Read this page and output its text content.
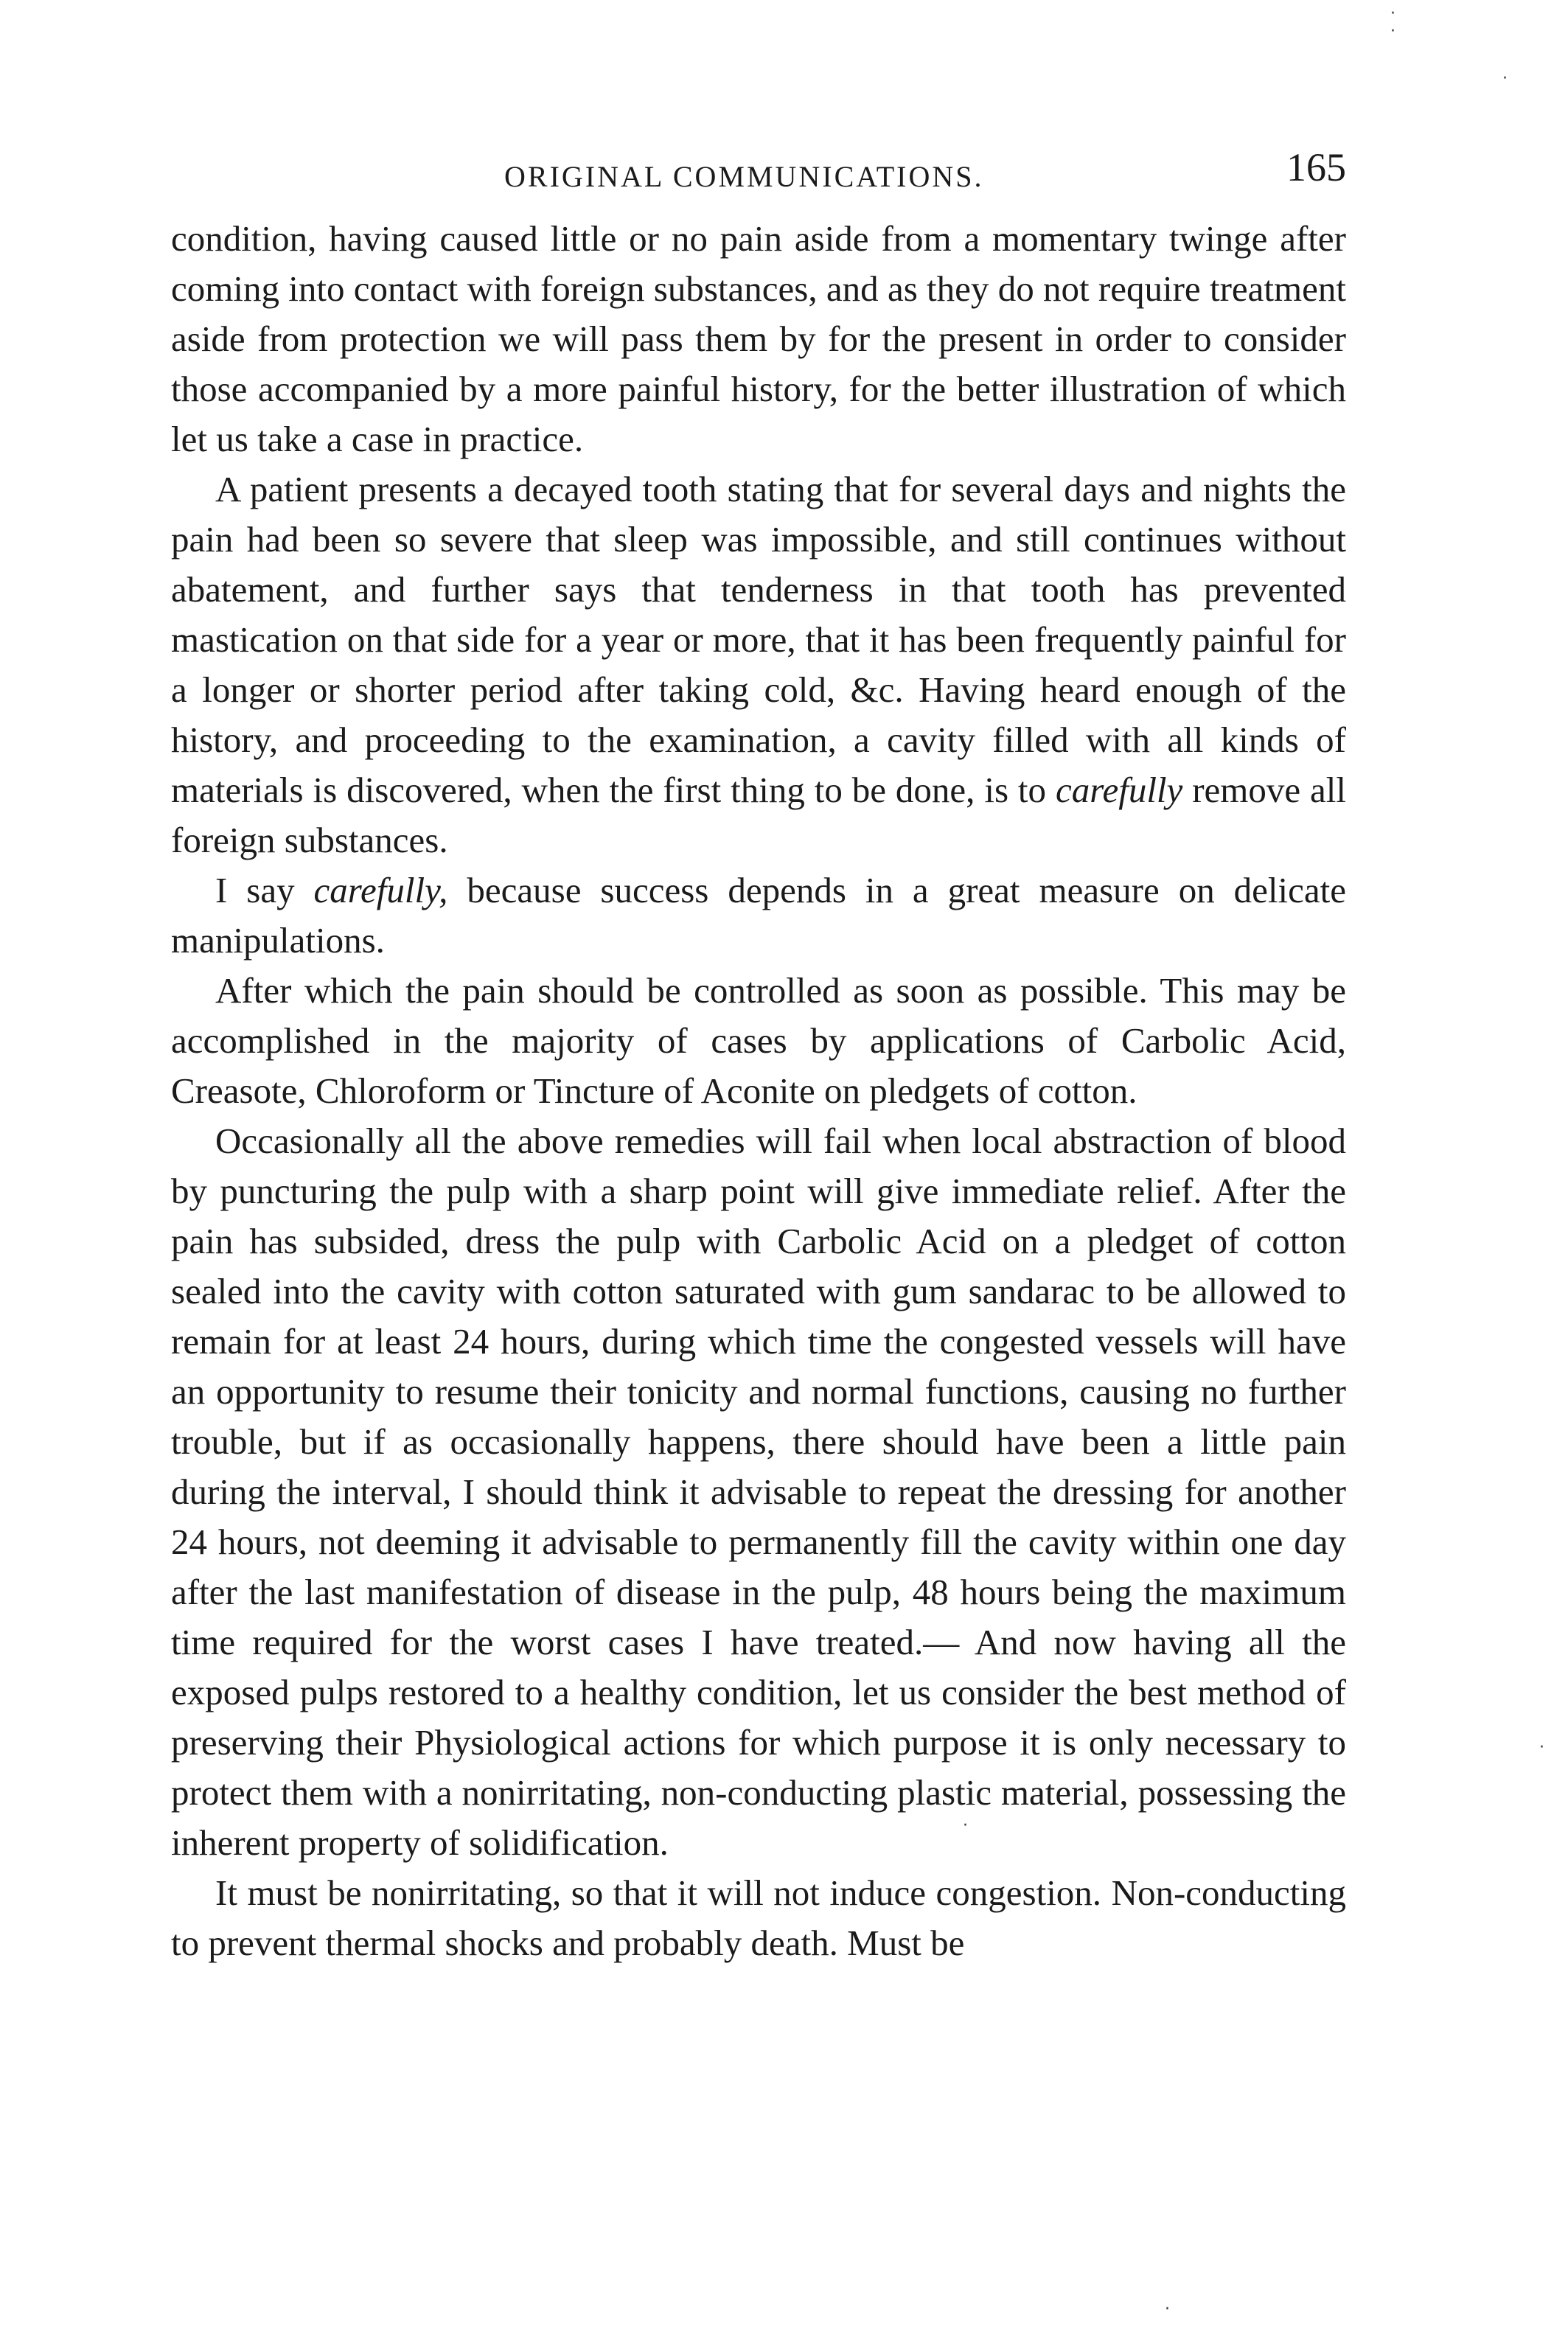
ORIGINAL COMMUNICATIONS.	165

condition, having caused little or no pain aside from a momentary twinge after coming into contact with foreign substances, and as they do not require treatment aside from protection we will pass them by for the present in order to consider those accompanied by a more painful history, for the better illustration of which let us take a case in practice.

A patient presents a decayed tooth stating that for several days and nights the pain had been so severe that sleep was impossible, and still continues without abatement, and further says that tenderness in that tooth has prevented mastication on that side for a year or more, that it has been frequently painful for a longer or shorter period after taking cold, &c. Having heard enough of the history, and proceeding to the examination, a cavity filled with all kinds of materials is discovered, when the first thing to be done, is to carefully remove all foreign substances.

I say carefully, because success depends in a great measure on delicate manipulations.

After which the pain should be controlled as soon as possible. This may be accomplished in the majority of cases by applications of Carbolic Acid, Creasote, Chloroform or Tincture of Aconite on pledgets of cotton.

Occasionally all the above remedies will fail when local abstraction of blood by puncturing the pulp with a sharp point will give immediate relief. After the pain has subsided, dress the pulp with Carbolic Acid on a pledget of cotton sealed into the cavity with cotton saturated with gum sandarac to be allowed to remain for at least 24 hours, during which time the congested vessels will have an opportunity to resume their tonicity and normal functions, causing no further trouble, but if as occasionally happens, there should have been a little pain during the interval, I should think it advisable to repeat the dressing for another 24 hours, not deeming it advisable to permanently fill the cavity within one day after the last manifestation of disease in the pulp, 48 hours being the maximum time required for the worst cases I have treated.— And now having all the exposed pulps restored to a healthy condition, let us consider the best method of preserving their Physiological actions for which purpose it is only necessary to protect them with a nonirritating, non-conducting plastic material, possessing the inherent property of solidification.

It must be nonirritating, so that it will not induce congestion. Non-conducting to prevent thermal shocks and probably death. Must be

·
·
·
·
·
·
